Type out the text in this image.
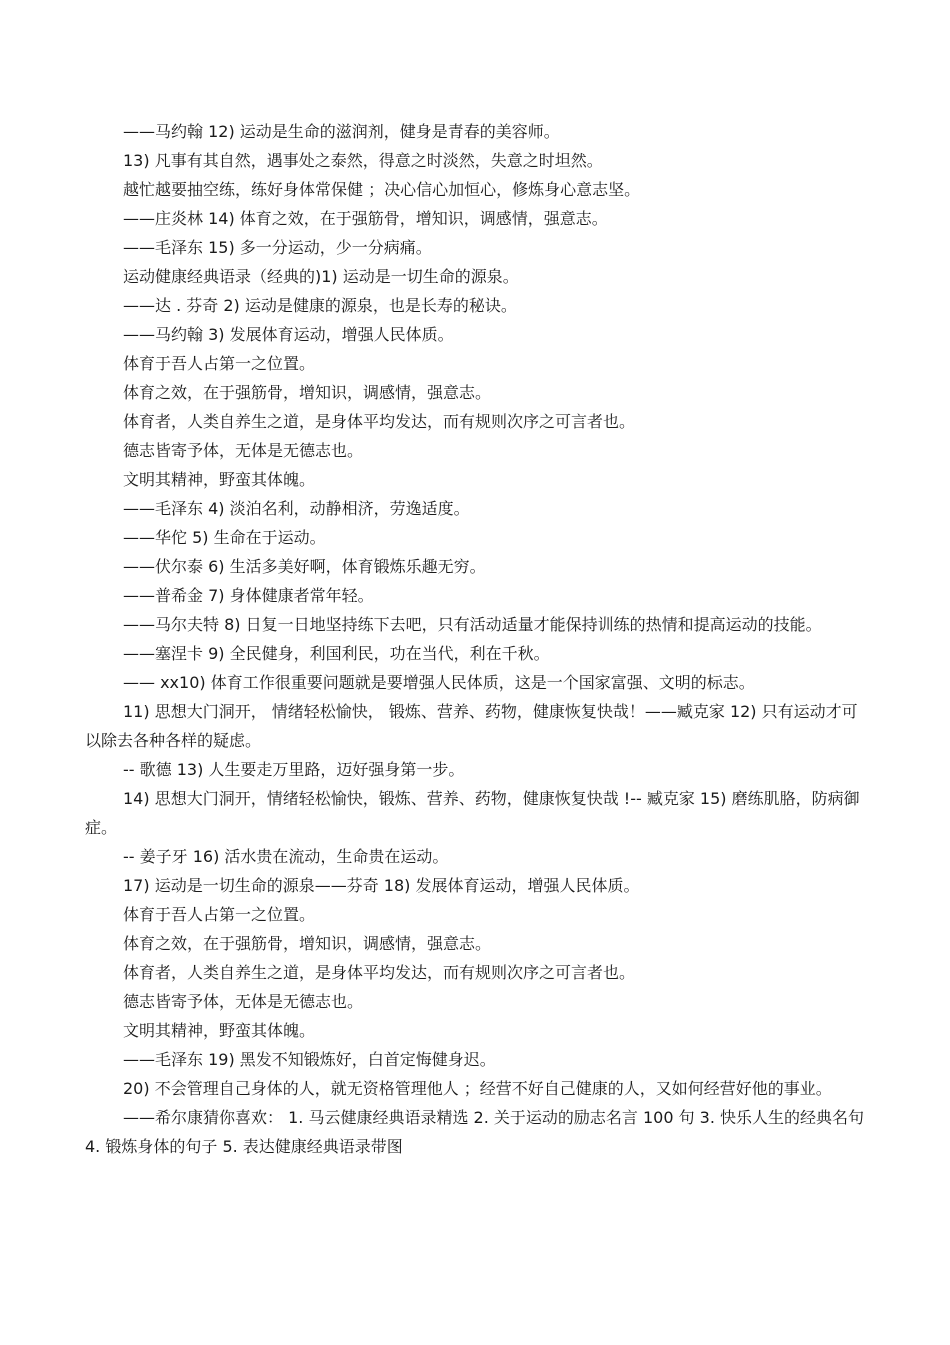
——马约翰 12) 运动是生命的滋润剂，健身是青春的美容师。

13) 凡事有其自然，遇事处之泰然，得意之时淡然，失意之时坦然。

越忙越要抽空练，练好身体常保健 ；决心信心加恒心，修炼身心意志坚。

——庄炎林 14) 体育之效，在于强筋骨，增知识，调感情，强意志。

——毛泽东 15) 多一分运动，少一分病痛。

运动健康经典语录（经典的)1) 运动是一切生命的源泉。

——达 . 芬奇 2) 运动是健康的源泉，也是长寿的秘诀。

——马约翰 3) 发展体育运动，增强人民体质。

体育于吾人占第一之位置。

体育之效，在于强筋骨，增知识，调感情，强意志。

体育者，人类自养生之道，是身体平均发达，而有规则次序之可言者也。

德志皆寄予体，无体是无德志也。

文明其精神，野蛮其体魄。

——毛泽东 4) 淡泊名利，动静相济，劳逸适度。

——华佗 5) 生命在于运动。

——伏尔泰 6) 生活多美好啊，体育锻炼乐趣无穷。

——普希金 7) 身体健康者常年轻。

——马尔夫特 8) 日复一日地坚持练下去吧，只有活动适量才能保持训练的热情和提高运动的技能。

——塞涅卡 9) 全民健身，利国利民，功在当代，利在千秋。

—— xx10) 体育工作很重要问题就是要增强人民体质，这是一个国家富强、文明的标志。

11) 思想大门洞开， 情绪轻松愉快， 锻炼、营养、药物，健康恢复快哉！——臧克家 12) 只有运动才可以除去各种各样的疑虑。

-- 歌德 13) 人生要走万里路，迈好强身第一步。

14) 思想大门洞开，情绪轻松愉快，锻炼、营养、药物，健康恢复快哉 !-- 臧克家 15) 磨练肌胳，防病御症。

-- 姜子牙 16) 活水贵在流动，生命贵在运动。

17) 运动是一切生命的源泉——芬奇 18) 发展体育运动，增强人民体质。

体育于吾人占第一之位置。

体育之效，在于强筋骨，增知识，调感情，强意志。

体育者，人类自养生之道，是身体平均发达，而有规则次序之可言者也。

德志皆寄予体，无体是无德志也。

文明其精神，野蛮其体魄。

——毛泽东 19) 黑发不知锻炼好，白首定悔健身迟。

20) 不会管理自己身体的人，就无资格管理他人 ；经营不好自己健康的人，又如何经营好他的事业。

——希尔康猜你喜欢： 1. 马云健康经典语录精选 2. 关于运动的励志名言 100 句 3. 快乐人生的经典名句 4. 锻炼身体的句子 5. 表达健康经典语录带图
